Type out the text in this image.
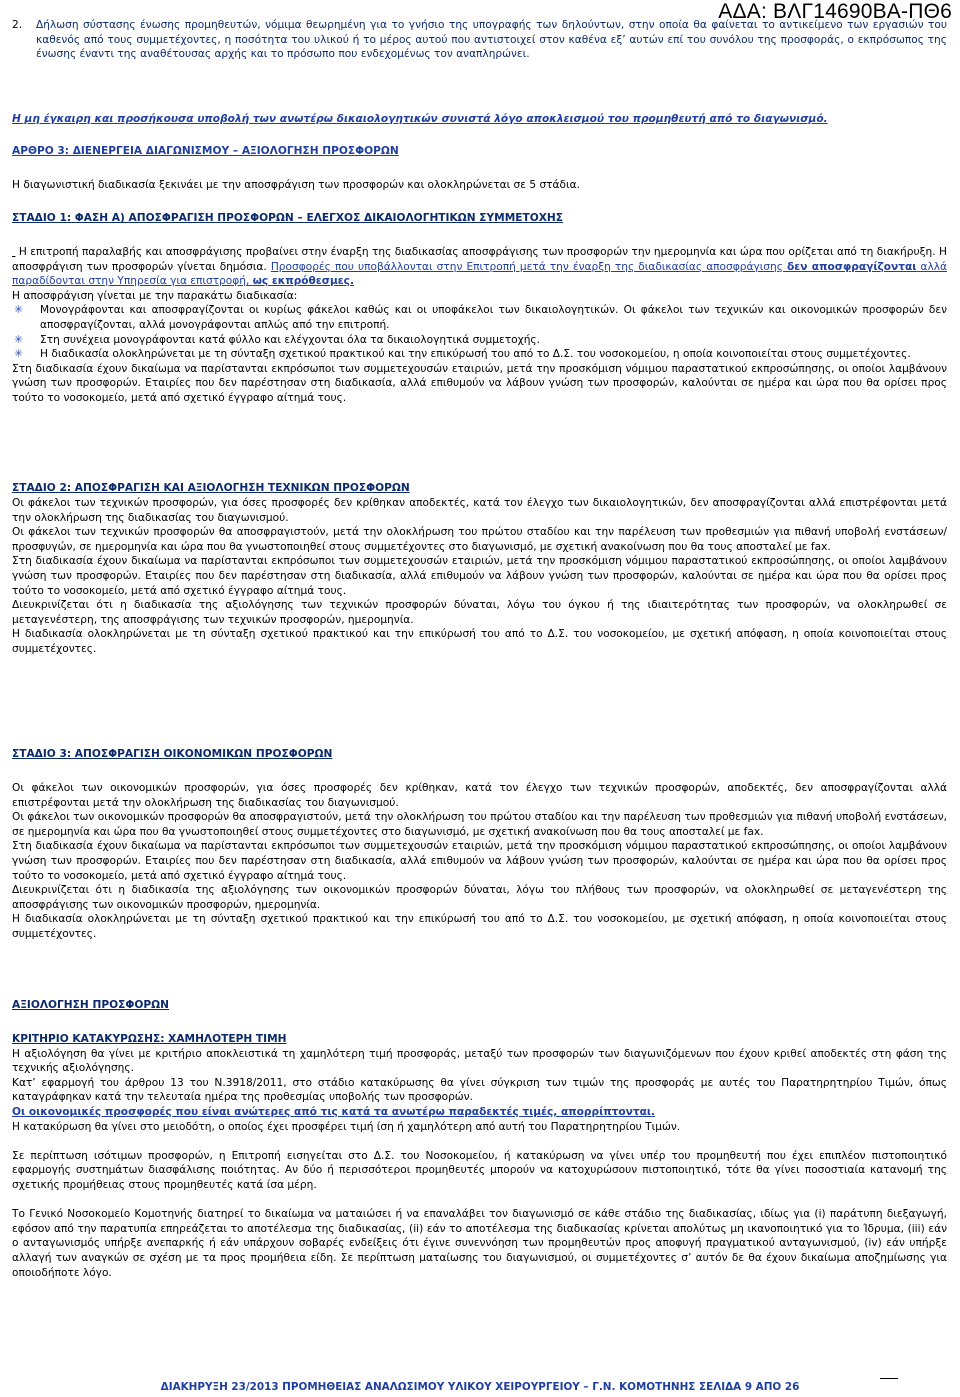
ΑΔΑ: ΒΛΓ14690ΒΑ-ΠΘ6
2.	Δήλωση σύστασης ένωσης προμηθευτών, νόμιμα θεωρημένη για το γνήσιο της υπογραφής των δηλούντων, στην οποία θα φαίνεται το αντικείμενο των εργασιών του καθενός από τους συμμετέχοντες, η ποσότητα του υλικού ή το μέρος αυτού που αντιστοιχεί στον καθένα εξ’ αυτών επί του συνόλου της προσφοράς, ο εκπρόσωπος της ένωσης έναντι της αναθέτουσας αρχής και το πρόσωπο που ενδεχομένως τον αναπληρώνει.
Η μη έγκαιρη και προσήκουσα υποβολή των ανωτέρω δικαιολογητικών συνιστά λόγο αποκλεισμού του προμηθευτή από το διαγωνισμό.
ΑΡΘΡΟ 3: ΔΙΕΝΕΡΓΕΙΑ ΔΙΑΓΩΝΙΣΜΟΥ – ΑΞΙΟΛΟΓΗΣΗ ΠΡΟΣΦΟΡΩΝ

Η διαγωνιστική διαδικασία ξεκινάει με την αποσφράγιση των προσφορών και ολοκληρώνεται σε 5 στάδια.

ΣΤΑΔΙΟ 1: ΦΑΣΗ Α) ΑΠΟΣΦΡΑΓΙΣΗ ΠΡΟΣΦΟΡΩΝ – ΕΛΕΓΧΟΣ ΔΙΚΑΙΟΛΟΓΗΤΙΚΩΝ ΣΥΜΜΕΤΟΧΗΣ

Η επιτροπή παραλαβής και αποσφράγισης προβαίνει στην έναρξη της διαδικασίας αποσφράγισης των προσφορών την ημερομηνία και ώρα που ορίζεται από τη διακήρυξη. Η αποσφράγιση των προσφορών γίνεται δημόσια. Προσφορές που υποβάλλονται στην Επιτροπή μετά την έναρξη της διαδικασίας αποσφράγισης δεν αποσφραγίζονται αλλά παραδίδονται στην Υπηρεσία για επιστροφή, ως εκπρόθεσμες.

Η αποσφράγιση γίνεται με την παρακάτω διαδικασία:

✳	Μονογράφονται και αποσφραγίζονται οι κυρίως φάκελοι καθώς και οι υποφάκελοι των δικαιολογητικών. Οι φάκελοι των τεχνικών και οικονομικών προσφορών δεν αποσφραγίζονται, αλλά μονογράφονται απλώς από την επιτροπή.
✳	Στη συνέχεια μονογράφονται κατά φύλλο και ελέγχονται όλα τα δικαιολογητικά συμμετοχής.
✳	Η διαδικασία ολοκληρώνεται με τη σύνταξη σχετικού πρακτικού και την επικύρωσή του από το Δ.Σ. του νοσοκομείου, η οποία κοινοποιείται στους συμμετέχοντες.

Στη διαδικασία έχουν δικαίωμα να παρίστανται εκπρόσωποι των συμμετεχουσών εταιριών, μετά την προσκόμιση νόμιμου παραστατικού εκπροσώπησης, οι οποίοι λαμβάνουν γνώση των προσφορών. Εταιρίες που δεν παρέστησαν στη διαδικασία, αλλά επιθυμούν να λάβουν γνώση των προσφορών, καλούνται σε ημέρα και ώρα που θα ορίσει προς τούτο το νοσοκομείο, μετά από σχετικό έγγραφο αίτημά τους.

ΣΤΑΔΙΟ 2: ΑΠΟΣΦΡΑΓΙΣΗ ΚΑΙ ΑΞΙΟΛΟΓΗΣΗ ΤΕΧΝΙΚΩΝ ΠΡΟΣΦΟΡΩΝ

Οι φάκελοι των τεχνικών προσφορών, για όσες προσφορές δεν κρίθηκαν αποδεκτές, κατά τον έλεγχο των δικαιολογητικών, δεν αποσφραγίζονται αλλά επιστρέφονται μετά την ολοκλήρωση της διαδικασίας του διαγωνισμού.

Οι φάκελοι των τεχνικών προσφορών θα αποσφραγιστούν, μετά την ολοκλήρωση του πρώτου σταδίου και την παρέλευση των προθεσμιών για πιθανή υποβολή ενστάσεων/προσφυγών, σε ημερομηνία και ώρα που θα γνωστοποιηθεί στους συμμετέχοντες στο διαγωνισμό, με σχετική ανακοίνωση που θα τους αποσταλεί με fax.

Στη διαδικασία έχουν δικαίωμα να παρίστανται εκπρόσωποι των συμμετεχουσών εταιριών, μετά την προσκόμιση νόμιμου παραστατικού εκπροσώπησης, οι οποίοι λαμβάνουν γνώση των προσφορών. Εταιρίες που δεν παρέστησαν στη διαδικασία, αλλά επιθυμούν να λάβουν γνώση των προσφορών, καλούνται σε ημέρα και ώρα που θα ορίσει προς τούτο το νοσοκομείο, μετά από σχετικό έγγραφο αίτημά τους.

Διευκρινίζεται ότι η διαδικασία της αξιολόγησης των τεχνικών προσφορών δύναται, λόγω του όγκου ή της ιδιαιτερότητας των προσφορών, να ολοκληρωθεί σε μεταγενέστερη, της αποσφράγισης των τεχνικών προσφορών, ημερομηνία.

Η διαδικασία ολοκληρώνεται με τη σύνταξη σχετικού πρακτικού και την επικύρωσή του από το Δ.Σ. του νοσοκομείου, με σχετική απόφαση, η οποία κοινοποιείται στους συμμετέχοντες.

ΣΤΑΔΙΟ 3: ΑΠΟΣΦΡΑΓΙΣΗ ΟΙΚΟΝΟΜΙΚΩΝ ΠΡΟΣΦΟΡΩΝ

Οι φάκελοι των οικονομικών προσφορών, για όσες προσφορές δεν κρίθηκαν, κατά τον έλεγχο των τεχνικών προσφορών, αποδεκτές, δεν αποσφραγίζονται αλλά επιστρέφονται μετά την ολοκλήρωση της διαδικασίας του διαγωνισμού.

Οι φάκελοι των οικονομικών προσφορών θα αποσφραγιστούν, μετά την ολοκλήρωση του πρώτου σταδίου και την παρέλευση των προθεσμιών για πιθανή υποβολή ενστάσεων, σε ημερομηνία και ώρα που θα γνωστοποιηθεί στους συμμετέχοντες στο διαγωνισμό, με σχετική ανακοίνωση που θα τους αποσταλεί με fax.

Στη διαδικασία έχουν δικαίωμα να παρίστανται εκπρόσωποι των συμμετεχουσών εταιριών, μετά την προσκόμιση νόμιμου παραστατικού εκπροσώπησης, οι οποίοι λαμβάνουν γνώση των προσφορών. Εταιρίες που δεν παρέστησαν στη διαδικασία, αλλά επιθυμούν να λάβουν γνώση των προσφορών, καλούνται σε ημέρα και ώρα που θα ορίσει προς τούτο το νοσοκομείο, μετά από σχετικό έγγραφο αίτημά τους.

Διευκρινίζεται ότι η διαδικασία της αξιολόγησης των οικονομικών προσφορών δύναται, λόγω του πλήθους των προσφορών, να ολοκληρωθεί σε μεταγενέστερη της αποσφράγισης των οικονομικών προσφορών, ημερομηνία.

Η διαδικασία ολοκληρώνεται με τη σύνταξη σχετικού πρακτικού και την επικύρωσή του από το Δ.Σ. του νοσοκομείου, με σχετική απόφαση, η οποία κοινοποιείται στους συμμετέχοντες.

ΑΞΙΟΛΟΓΗΣΗ ΠΡΟΣΦΟΡΩΝ

ΚΡΙΤΗΡΙΟ ΚΑΤΑΚΥΡΩΣΗΣ: ΧΑΜΗΛΟΤΕΡΗ ΤΙΜΗ

Η αξιολόγηση θα γίνει με κριτήριο αποκλειστικά τη χαμηλότερη τιμή προσφοράς, μεταξύ των προσφορών των διαγωνιζόμενων που έχουν κριθεί αποδεκτές στη φάση της τεχνικής αξιολόγησης.

Κατ’ εφαρμογή του άρθρου 13 του Ν.3918/2011, στο στάδιο κατακύρωσης θα γίνει σύγκριση των τιμών της προσφοράς με αυτές του Παρατηρητηρίου Τιμών, όπως καταγράφηκαν κατά την τελευταία ημέρα της προθεσμίας υποβολής των προσφορών.

Οι οικονομικές προσφορές που είναι ανώτερες από τις κατά τα ανωτέρω παραδεκτές τιμές, απορρίπτονται.

Η κατακύρωση θα γίνει στο μειοδότη, ο οποίος έχει προσφέρει τιμή ίση ή χαμηλότερη από αυτή του Παρατηρητηρίου Τιμών.

Σε περίπτωση ισότιμων προσφορών, η Επιτροπή εισηγείται στο Δ.Σ. του Νοσοκομείου, ή κατακύρωση να γίνει υπέρ του προμηθευτή που έχει επιπλέον πιστοποιητικό εφαρμογής συστημάτων διασφάλισης ποιότητας. Αν δύο ή περισσότεροι προμηθευτές μπορούν να κατοχυρώσουν πιστοποιητικό, τότε θα γίνει ποσοστιαία κατανομή της σχετικής προμήθειας στους προμηθευτές κατά ίσα μέρη.

Το Γενικό Νοσοκομείο Κομοτηνής διατηρεί το δικαίωμα να ματαιώσει ή να επαναλάβει τον διαγωνισμό σε κάθε στάδιο της διαδικασίας, ιδίως για (i) παράτυπη διεξαγωγή, εφόσον από την παρατυπία επηρεάζεται το αποτέλεσμα της διαδικασίας, (ii) εάν το αποτέλεσμα της διαδικασίας κρίνεται απολύτως μη ικανοποιητικό για το Ίδρυμα, (iii) εάν ο ανταγωνισμός υπήρξε ανεπαρκής ή εάν υπάρχουν σοβαρές ενδείξεις ότι έγινε συνεννόηση των προμηθευτών προς αποφυγή πραγματικού ανταγωνισμού, (iv) εάν υπήρξε αλλαγή των αναγκών σε σχέση με τα προς προμήθεια είδη. Σε περίπτωση ματαίωσης του διαγωνισμού, οι συμμετέχοντες σ’ αυτόν δε θα έχουν δικαίωμα αποζημίωσης για οποιοδήποτε λόγο.

ΔΙΑΚΗΡΥΞΗ 23/2013 ΠΡΟΜΗΘΕΙΑΣ ΑΝΑΛΩΣΙΜΟΥ ΥΛΙΚΟΥ ΧΕΙΡΟΥΡΓΕΙΟΥ – Γ.Ν. ΚΟΜΟΤΗΝΗΣ ΣΕΛΙΔΑ 9 ΑΠΟ 26
